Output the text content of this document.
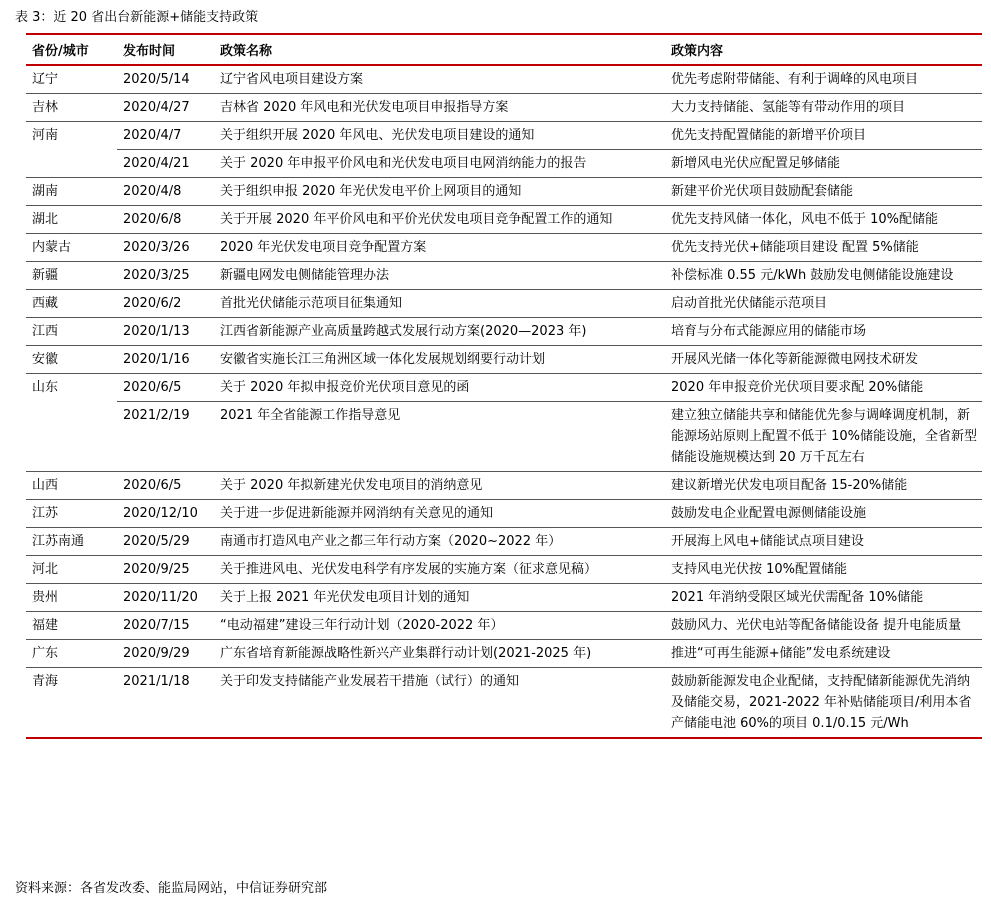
表 3：近 20 省出台新能源+储能支持政策
省份/城市	发布时间	政策名称	政策内容
辽宁	2020/5/14	辽宁省风电项目建设方案	优先考虑附带储能、有利于调峰的风电项目
吉林	2020/4/27	吉林省 2020 年风电和光伏发电项目申报指导方案	大力支持储能、氢能等有带动作用的项目
河南	2020/4/7	关于组织开展 2020 年风电、光伏发电项目建设的通知	优先支持配置储能的新增平价项目
	2020/4/21	关于 2020 年申报平价风电和光伏发电项目电网消纳能力的报告	新增风电光伏应配置足够储能
湖南	2020/4/8	关于组织申报 2020 年光伏发电平价上网项目的通知	新建平价光伏项目鼓励配套储能
湖北	2020/6/8	关于开展 2020 年平价风电和平价光伏发电项目竞争配置工作的通知	优先支持风储一体化，风电不低于 10%配储能
内蒙古	2020/3/26	2020 年光伏发电项目竞争配置方案	优先支持光伏+储能项目建设 配置 5%储能
新疆	2020/3/25	新疆电网发电侧储能管理办法	补偿标准 0.55 元/kWh 鼓励发电侧储能设施建设
西藏	2020/6/2	首批光伏储能示范项目征集通知	启动首批光伏储能示范项目
江西	2020/1/13	江西省新能源产业高质量跨越式发展行动方案(2020—2023 年)	培育与分布式能源应用的储能市场
安徽	2020/1/16	安徽省实施长江三角洲区域一体化发展规划纲要行动计划	开展风光储一体化等新能源微电网技术研发
山东	2020/6/5	关于 2020 年拟申报竞价光伏项目意见的函	2020 年申报竞价光伏项目要求配 20%储能
	2021/2/19	2021 年全省能源工作指导意见	建立独立储能共享和储能优先参与调峰调度机制，新能源场站原则上配置不低于 10%储能设施，全省新型储能设施规模达到 20 万千瓦左右
山西	2020/6/5	关于 2020 年拟新建光伏发电项目的消纳意见	建议新增光伏发电项目配备 15-20%储能
江苏	2020/12/10	关于进一步促进新能源并网消纳有关意见的通知	鼓励发电企业配置电源侧储能设施
江苏南通	2020/5/29	南通市打造风电产业之都三年行动方案（2020~2022 年）	开展海上风电+储能试点项目建设
河北	2020/9/25	关于推进风电、光伏发电科学有序发展的实施方案（征求意见稿）	支持风电光伏按 10%配置储能
贵州	2020/11/20	关于上报 2021 年光伏发电项目计划的通知	2021 年消纳受限区域光伏需配备 10%储能
福建	2020/7/15	“电动福建”建设三年行动计划（2020-2022 年）	鼓励风力、光伏电站等配备储能设备 提升电能质量
广东	2020/9/29	广东省培育新能源战略性新兴产业集群行动计划(2021-2025 年)	推进“可再生能源+储能”发电系统建设
青海	2021/1/18	关于印发支持储能产业发展若干措施（试行）的通知	鼓励新能源发电企业配储，支持配储新能源优先消纳及储能交易，2021-2022 年补贴储能项目/利用本省产储能电池 60%的项目 0.1/0.15 元/Wh
资料来源：各省发改委、能监局网站，中信证券研究部
